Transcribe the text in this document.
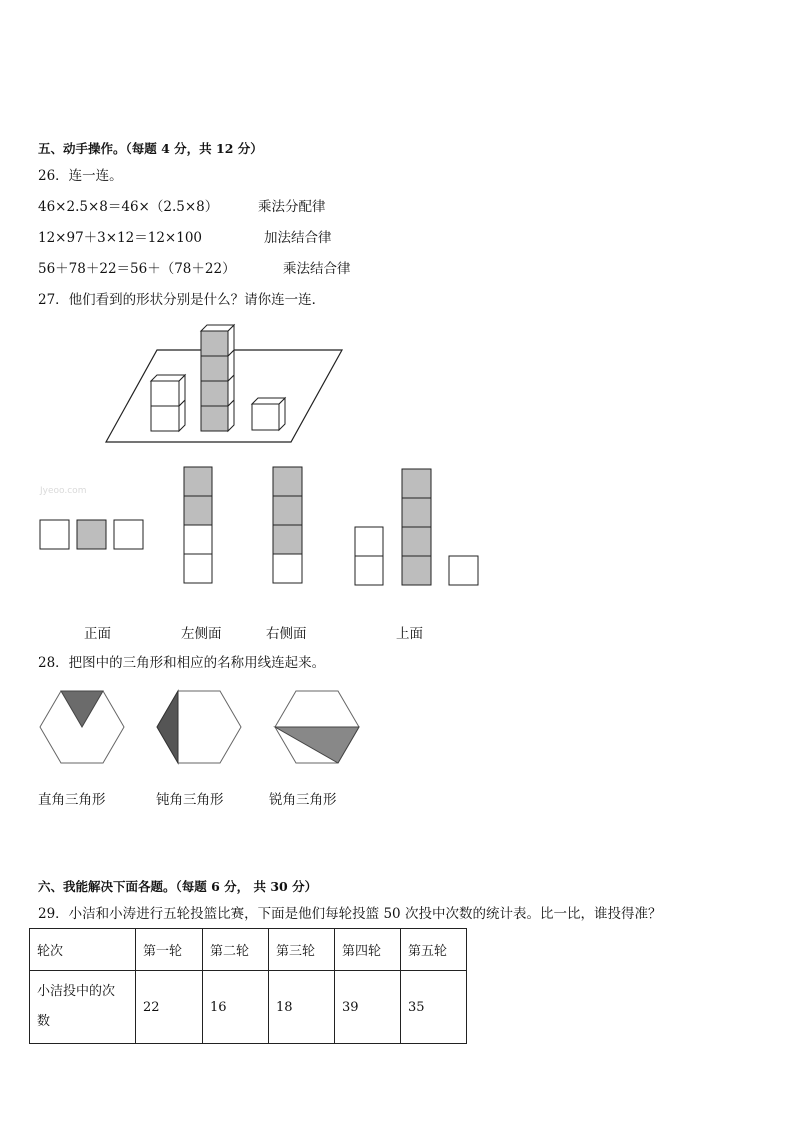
五、动手操作。（每题 4 分，共 12 分）
26．连一连。
46×2.5×8＝46×（2.5×8）
12×97＋3×12＝12×100
56＋78＋22＝56＋（78＋22）
乘法分配律
加法结合律
乘法结合律
27．他们看到的形状分别是什么？请你连一连．
Jyeoo.com
正面	左侧面	右侧面	上面
28．把图中的三角形和相应的名称用线连起来。
直角三角形	钝角三角形	锐角三角形
六、我能解决下面各题。（每题 6 分， 共 30 分）
29．小洁和小涛进行五轮投篮比赛，下面是他们每轮投篮 50 次投中次数的统计表。比一比，谁投得准？
轮次	第一轮	第二轮	第三轮	第四轮	第五轮

小洁投中的次
数	22	16	18	39	35
